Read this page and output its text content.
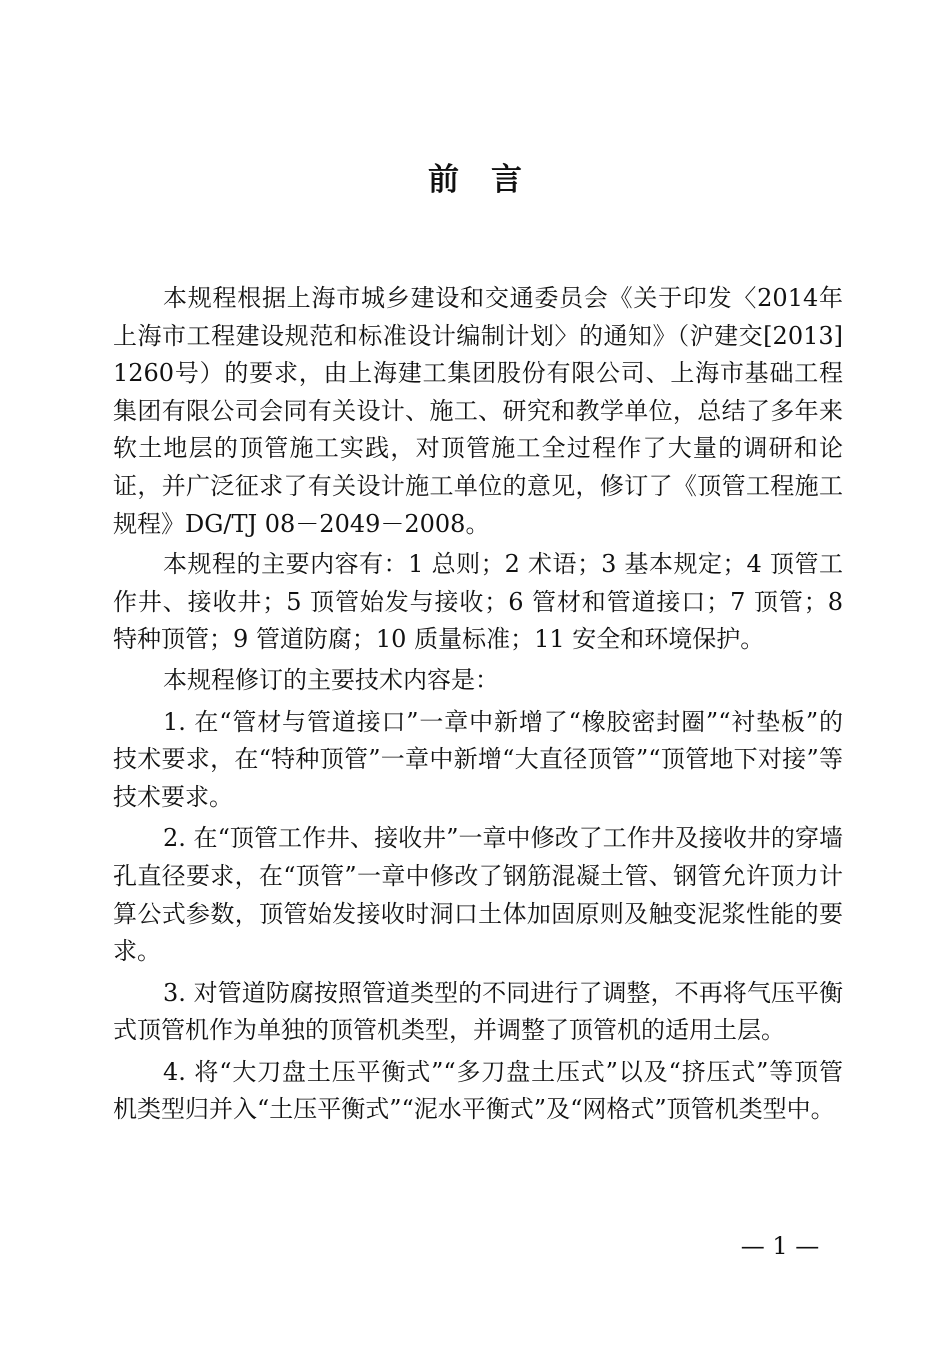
前言

本规程根据上海市城乡建设和交通委员会《关于印发〈2014年上海市工程建设规范和标准设计编制计划〉的通知》（沪建交[2013]1260号）的要求，由上海建工集团股份有限公司、上海市基础工程集团有限公司会同有关设计、施工、研究和教学单位，总结了多年来软土地层的顶管施工实践，对顶管施工全过程作了大量的调研和论证，并广泛征求了有关设计施工单位的意见，修订了《顶管工程施工规程》DG/TJ 08－2049－2008。

本规程的主要内容有：1 总则；2 术语；3 基本规定；4 顶管工作井、接收井；5 顶管始发与接收；6 管材和管道接口；7 顶管；8 特种顶管；9 管道防腐；10 质量标准；11 安全和环境保护。

本规程修订的主要技术内容是：

1. 在“管材与管道接口”一章中新增了“橡胶密封圈”“衬垫板”的技术要求，在“特种顶管”一章中新增“大直径顶管”“顶管地下对接”等技术要求。

2. 在“顶管工作井、接收井”一章中修改了工作井及接收井的穿墙孔直径要求，在“顶管”一章中修改了钢筋混凝土管、钢管允许顶力计算公式参数，顶管始发接收时洞口土体加固原则及触变泥浆性能的要求。

3. 对管道防腐按照管道类型的不同进行了调整，不再将气压平衡式顶管机作为单独的顶管机类型，并调整了顶管机的适用土层。

4. 将“大刀盘土压平衡式”“多刀盘土压式”以及“挤压式”等顶管机类型归并入“土压平衡式”“泥水平衡式”及“网格式”顶管机类型中。

— 1 —
